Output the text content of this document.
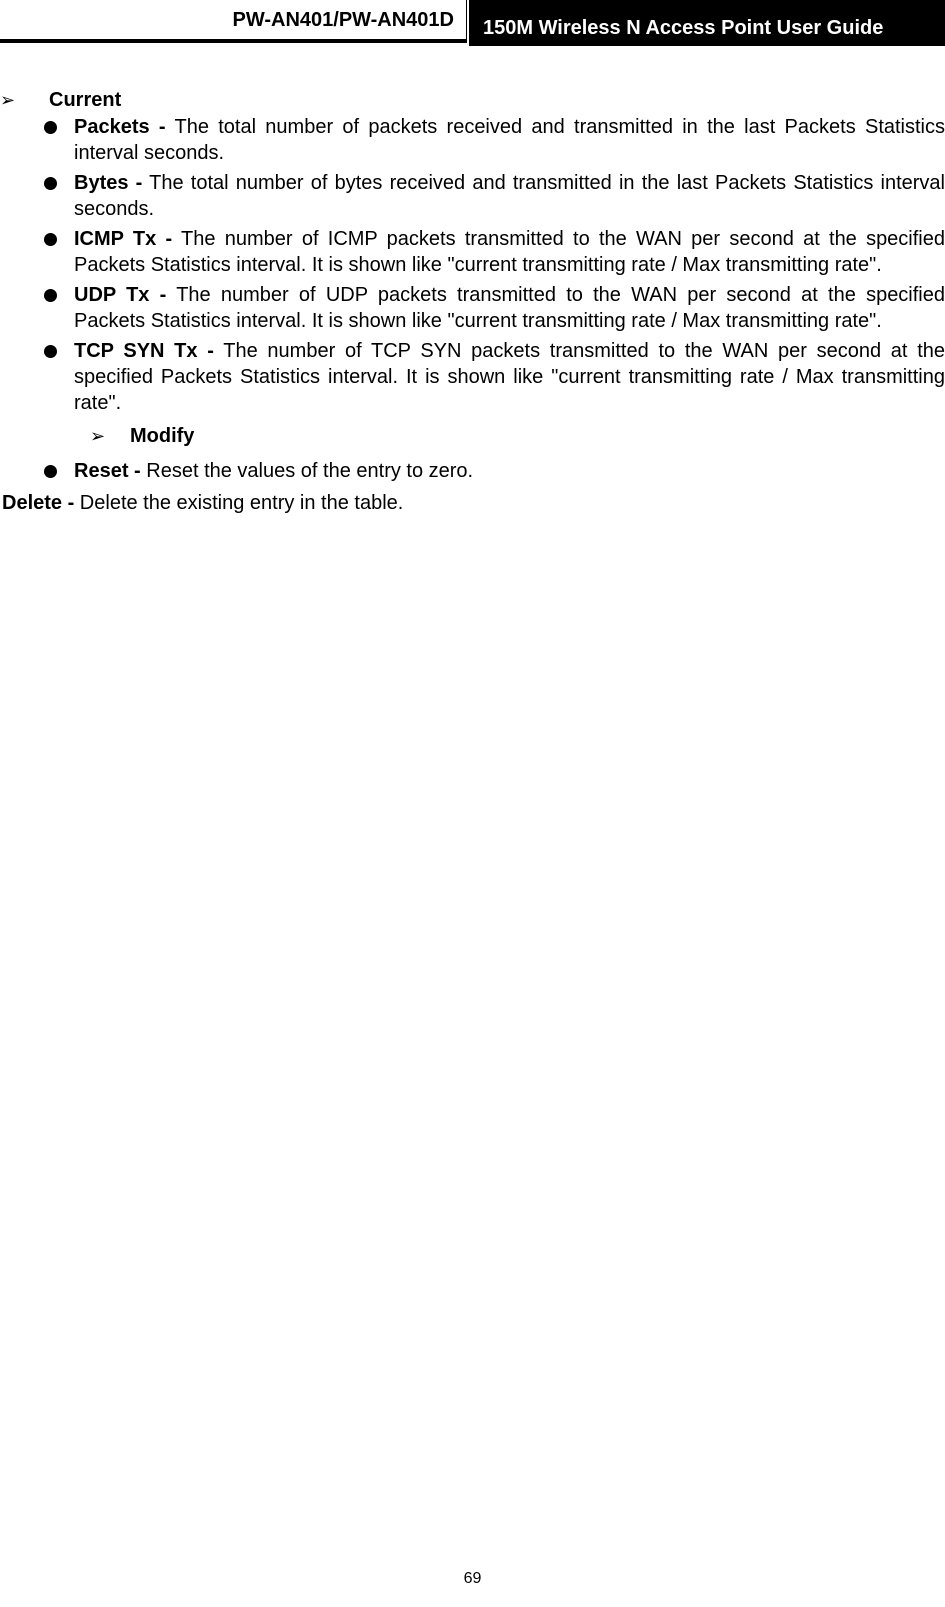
PW-AN401/PW-AN401D	150M Wireless N Access Point User Guide
➢ Current
Packets - The total number of packets received and transmitted in the last Packets Statistics interval seconds.
Bytes - The total number of bytes received and transmitted in the last Packets Statistics interval seconds.
ICMP Tx - The number of ICMP packets transmitted to the WAN per second at the specified Packets Statistics interval. It is shown like "current transmitting rate / Max transmitting rate".
UDP Tx - The number of UDP packets transmitted to the WAN per second at the specified Packets Statistics interval. It is shown like "current transmitting rate / Max transmitting rate".
TCP SYN Tx - The number of TCP SYN packets transmitted to the WAN per second at the specified Packets Statistics interval. It is shown like "current transmitting rate / Max transmitting rate".
➢ Modify
Reset - Reset the values of the entry to zero.
Delete - Delete the existing entry in the table.
69
